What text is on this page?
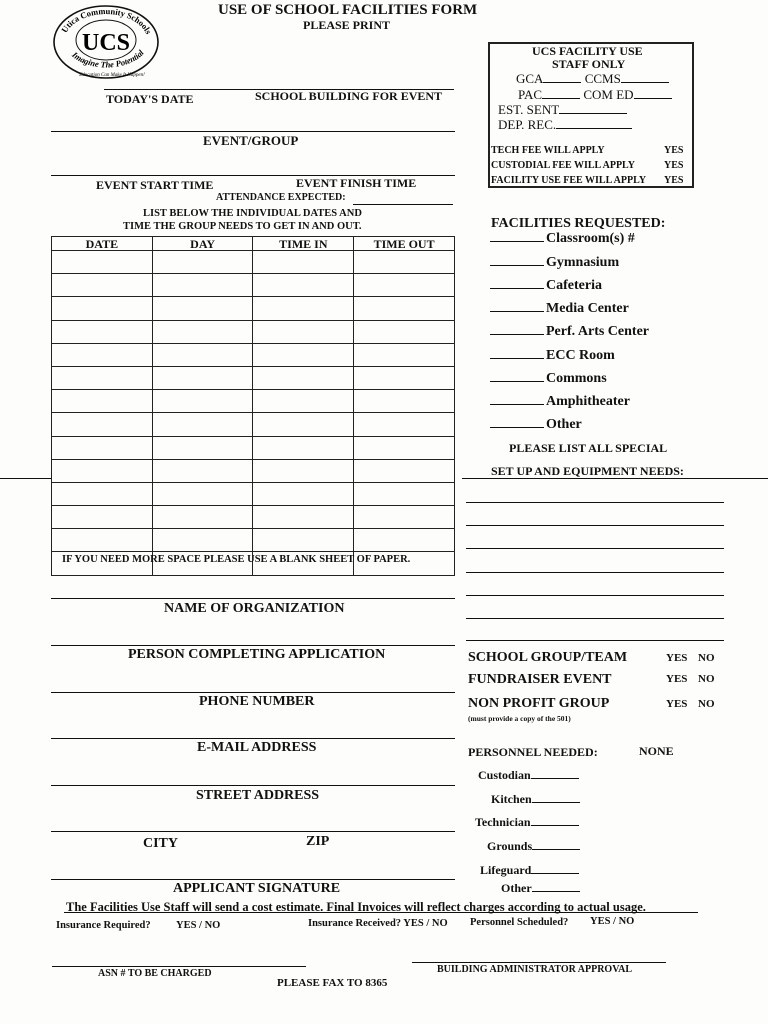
Utica Community Schools
Imagine The Potential
UCS
Education Can Make It Happen!
USE OF SCHOOL FACILITIES FORM
PLEASE PRINT
UCS FACILITY USE
STAFF ONLY
GCA	CCMS
PAC	COM ED
EST. SENT
DEP. REC.
TECH FEE WILL APPLY	YES
CUSTODIAL FEE WILL APPLY	YES
FACILITY USE FEE WILL APPLY YES
TODAY'S DATE	SCHOOL BUILDING FOR EVENT
EVENT/GROUP
EVENT START TIME	EVENT FINISH TIME
ATTENDANCE EXPECTED:
LIST BELOW THE INDIVIDUAL DATES AND
TIME THE GROUP NEEDS TO GET IN AND OUT.
DATE	DAY	TIME IN	TIME OUT

IF YOU NEED MORE SPACE PLEASE USE A BLANK SHEET OF PAPER.
NAME OF ORGANIZATION
PERSON COMPLETING APPLICATION
PHONE NUMBER
E-MAIL ADDRESS
STREET ADDRESS
CITY	ZIP
APPLICANT SIGNATURE
FACILITIES REQUESTED:
Classroom(s) #
Gymnasium
Cafeteria
Media Center
Perf. Arts Center
ECC Room
Commons
Amphitheater
Other
PLEASE LIST ALL SPECIAL
SET UP AND EQUIPMENT NEEDS:
SCHOOL GROUP/TEAM	YES NO
FUNDRAISER EVENT	YES NO
NON PROFIT GROUP	YES NO
(must provide a copy of the 501)
PERSONNEL NEEDED:	NONE
Custodian
Kitchen
Technician
Grounds
Lifeguard
Other
The Facilities Use Staff will send a cost estimate. Final Invoices will reflect charges according to actual usage.
Insurance Required? YES / NO	Insurance Received? YES / NO Personnel Scheduled? YES / NO
ASN # TO BE CHARGED	BUILDING ADMINISTRATOR APPROVAL
PLEASE FAX TO 8365
